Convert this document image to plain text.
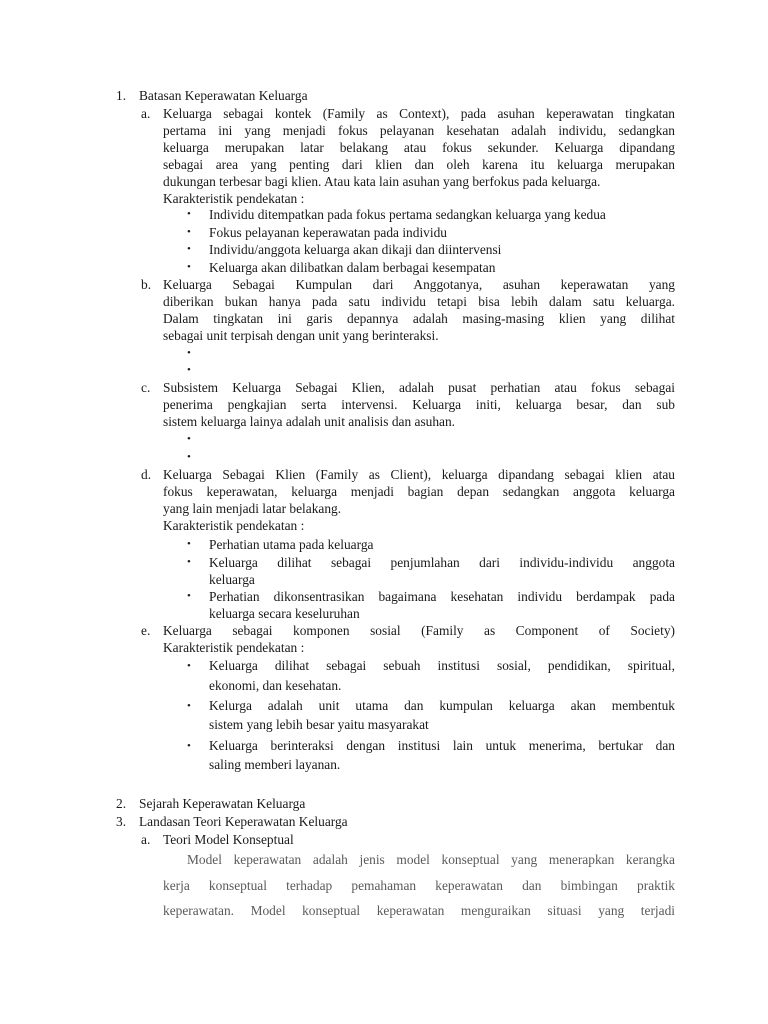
1. Batasan Keperawatan Keluarga
a. Keluarga sebagai kontek (Family as Context), pada asuhan keperawatan tingkatan
pertama ini yang menjadi fokus pelayanan kesehatan adalah individu, sedangkan
keluarga merupakan latar belakang atau fokus sekunder. Keluarga dipandang
sebagai area yang penting dari klien dan oleh karena itu keluarga merupakan
dukungan terbesar bagi klien. Atau kata lain asuhan yang berfokus pada keluarga.
Karakteristik pendekatan :
• Individu ditempatkan pada fokus pertama sedangkan keluarga yang kedua
• Fokus pelayanan keperawatan pada individu
• Individu/anggota keluarga akan dikaji dan diintervensi
• Keluarga akan dilibatkan dalam berbagai kesempatan
b. Keluarga Sebagai Kumpulan dari Anggotanya, asuhan keperawatan yang
diberikan bukan hanya pada satu individu tetapi bisa lebih dalam satu keluarga.
Dalam tingkatan ini garis depannya adalah masing-masing klien yang dilihat
sebagai unit terpisah dengan unit yang berinteraksi.
•
•
c. Subsistem Keluarga Sebagai Klien, adalah pusat perhatian atau fokus sebagai
penerima pengkajian serta intervensi. Keluarga initi, keluarga besar, dan sub
sistem keluarga lainya adalah unit analisis dan asuhan.
•
•
d. Keluarga Sebagai Klien (Family as Client), keluarga dipandang sebagai klien atau
fokus keperawatan, keluarga menjadi bagian depan sedangkan anggota keluarga
yang lain menjadi latar belakang.
Karakteristik pendekatan :
• Perhatian utama pada keluarga
• Keluarga dilihat sebagai penjumlahan dari individu-individu anggota
keluarga
• Perhatian dikonsentrasikan bagaimana kesehatan individu berdampak pada
keluarga secara keseluruhan
e. Keluarga sebagai komponen sosial (Family as Component of Society)
Karakteristik pendekatan :
• Keluarga dilihat sebagai sebuah institusi sosial, pendidikan, spiritual,
ekonomi, dan kesehatan.
• Kelurga adalah unit utama dan kumpulan keluarga akan membentuk
sistem yang lebih besar yaitu masyarakat
• Keluarga berinteraksi dengan institusi lain untuk menerima, bertukar dan
saling memberi layanan.
2. Sejarah Keperawatan Keluarga
3. Landasan Teori Keperawatan Keluarga
a. Teori Model Konseptual
Model keperawatan adalah jenis model konseptual yang menerapkan kerangka
kerja konseptual terhadap pemahaman keperawatan dan bimbingan praktik
keperawatan. Model konseptual keperawatan menguraikan situasi yang terjadi
